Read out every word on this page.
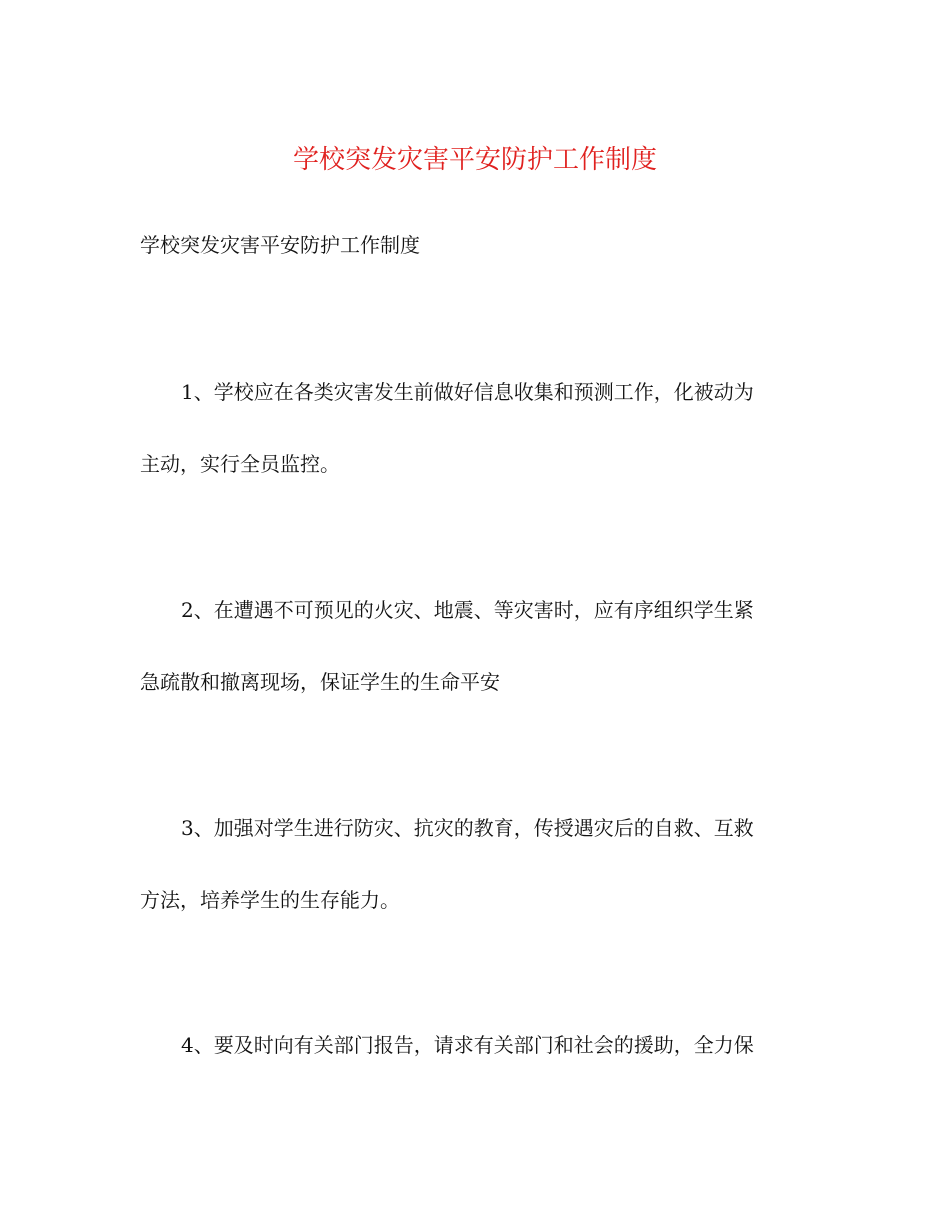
学校突发灾害平安防护工作制度
学校突发灾害平安防护工作制度
1、学校应在各类灾害发生前做好信息收集和预测工作，化被动为
主动，实行全员监控。
2、在遭遇不可预见的火灾、地震、等灾害时，应有序组织学生紧
急疏散和撤离现场，保证学生的生命平安
3、加强对学生进行防灾、抗灾的教育，传授遇灾后的自救、互救
方法，培养学生的生存能力。
4、要及时向有关部门报告，请求有关部门和社会的援助，全力保
